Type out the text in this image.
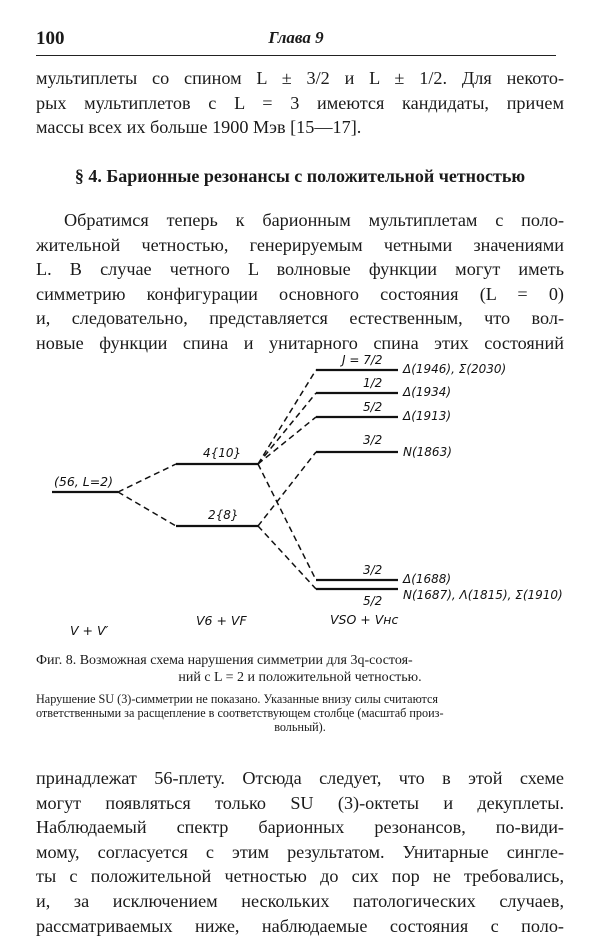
100	Глава 9
мультиплеты со спином L ± 3/2 и L ± 1/2. Для некото-
рых мультиплетов с L = 3 имеются кандидаты, причем
массы всех их больше 1900 Мэв [15—17].
§ 4. Барионные резонансы с положительной четностью
Обратимся теперь к барионным мультиплетам с поло-
жительной четностью, генерируемым четными значениями
L. В случае четного L волновые функции могут иметь
симметрию конфигурации основного состояния (L = 0)
и, следовательно, представляется естественным, что вол-
новые функции спина и унитарного спина этих состояний
(56, L=2)
4{10}
2{8}
J = 7/2
Δ(1946), Σ(2030)
1/2
Δ(1934)
5/2
Δ(1913)
3/2
N(1863)
3/2
Δ(1688)
5/2 N(1687), Λ(1815), Σ(1910)
V + V′
V6 + VF	VSO + Vнс
Фиг. 8. Возможная схема нарушения симметрии для 3q-состоя-
ний с L = 2 и положительной четностью.
Нарушение SU (3)-симметрии не показано. Указанные внизу силы считаются
ответственными за расщепление в соответствующем столбце (масштаб произ-
вольный).
принадлежат 56-плету. Отсюда следует, что в этой схеме
могут появляться только SU (3)-октеты и декуплеты.
Наблюдаемый спектр барионных резонансов, по-види-
мому, согласуется с этим результатом. Унитарные сингле-
ты с положительной четностью до сих пор не требовались,
и, за исключением нескольких патологических случаев,
рассматриваемых ниже, наблюдаемые состояния с поло-
